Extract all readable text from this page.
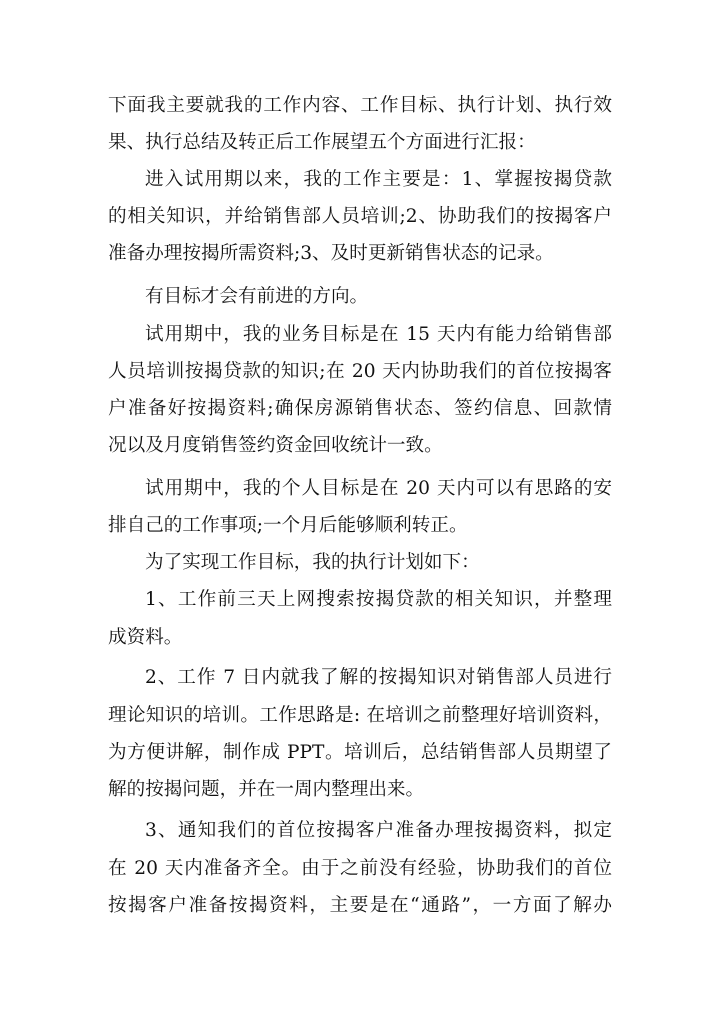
下面我主要就我的工作内容、工作目标、执行计划、执行效
果、执行总结及转正后工作展望五个方面进行汇报：
进入试用期以来，我的工作主要是：1、掌握按揭贷款
的相关知识，并给销售部人员培训;2、协助我们的按揭客户
准备办理按揭所需资料;3、及时更新销售状态的记录。
有目标才会有前进的方向。
试用期中，我的业务目标是在 15 天内有能力给销售部
人员培训按揭贷款的知识;在 20 天内协助我们的首位按揭客
户准备好按揭资料;确保房源销售状态、签约信息、回款情
况以及月度销售签约资金回收统计一致。
试用期中，我的个人目标是在 20 天内可以有思路的安
排自己的工作事项;一个月后能够顺利转正。
为了实现工作目标，我的执行计划如下：
1、工作前三天上网搜索按揭贷款的相关知识，并整理
成资料。
2、工作 7 日内就我了解的按揭知识对销售部人员进行
理论知识的培训。工作思路是: 在培训之前整理好培训资料，
为方便讲解，制作成 PPT。培训后，总结销售部人员期望了
解的按揭问题，并在一周内整理出来。
3、通知我们的首位按揭客户准备办理按揭资料，拟定
在 20 天内准备齐全。由于之前没有经验，协助我们的首位
按揭客户准备按揭资料，主要是在“通路”，一方面了解办
